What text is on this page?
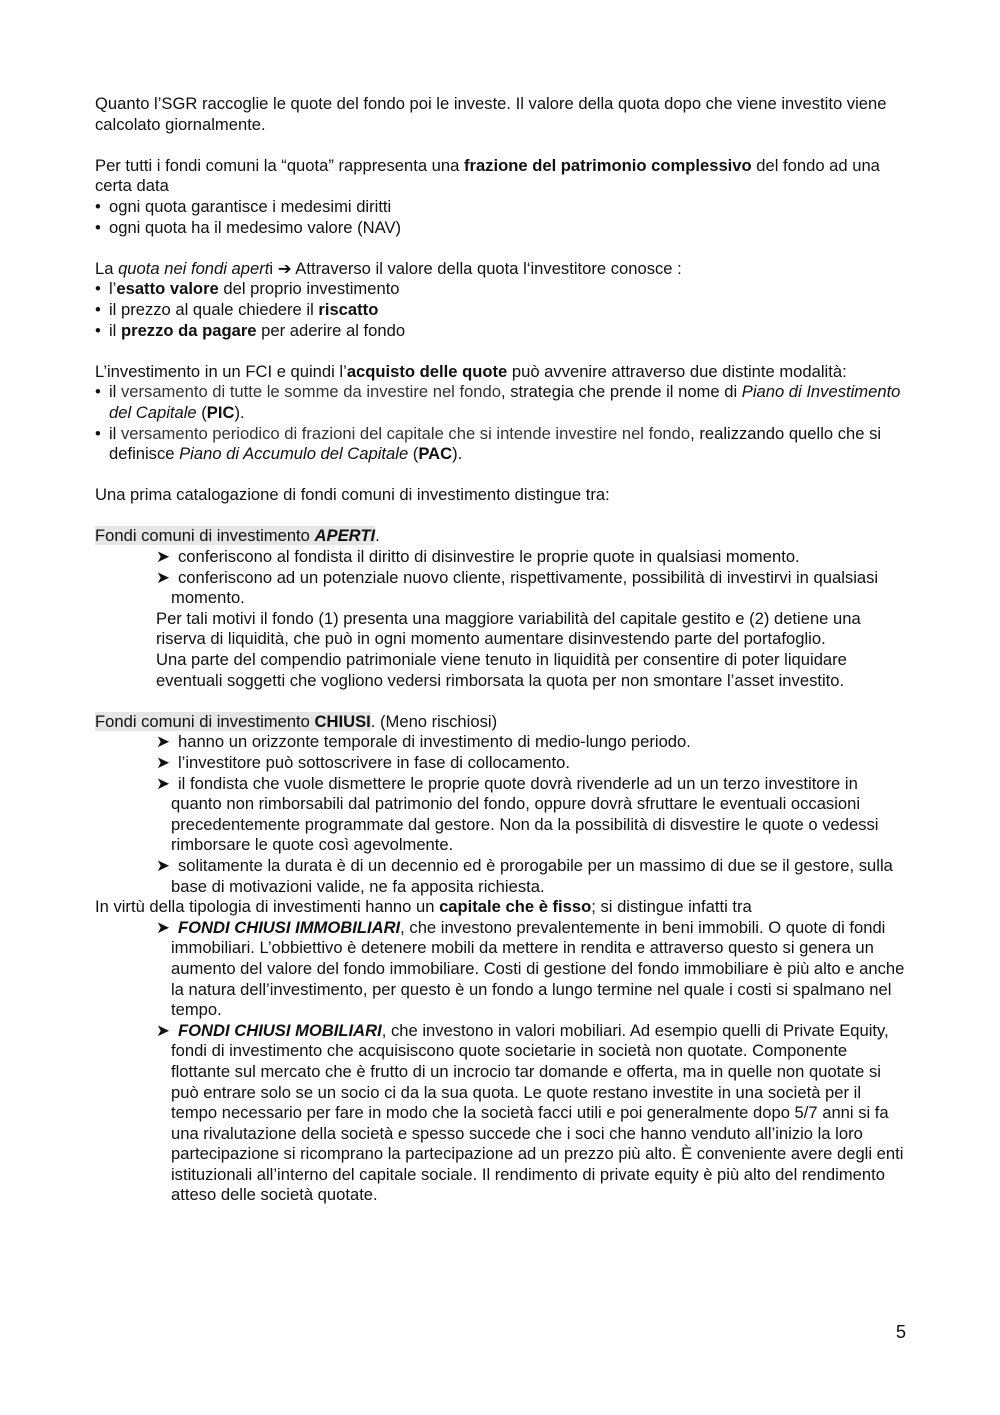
Quanto l’SGR raccoglie le quote del fondo poi le investe. Il valore della quota dopo che viene investito viene calcolato giornalmente.

Per tutti i fondi comuni la “quota” rappresenta una frazione del patrimonio complessivo del fondo ad una certa data

• ogni quota garantisce i medesimi diritti
• ogni quota ha il medesimo valore (NAV)

La quota nei fondi aperti ➔ Attraverso il valore della quota l‘investitore conosce :

• l’esatto valore del proprio investimento
• il prezzo al quale chiedere il riscatto
• il prezzo da pagare per aderire al fondo

L’investimento in un FCI e quindi l’acquisto delle quote può avvenire attraverso due distinte modalità:

• il versamento di tutte le somme da investire nel fondo, strategia che prende il nome di Piano di Investimento del Capitale (PIC).
• il versamento periodico di frazioni del capitale che si intende investire nel fondo, realizzando quello che si definisce Piano di Accumulo del Capitale (PAC).

Una prima catalogazione di fondi comuni di investimento distingue tra:

Fondi comuni di investimento APERTI.

➤ conferiscono al fondista il diritto di disinvestire le proprie quote in qualsiasi momento.
➤ conferiscono ad un potenziale nuovo cliente, rispettivamente, possibilità di investirvi in qualsiasi momento.

Per tali motivi il fondo (1) presenta una maggiore variabilità del capitale gestito e (2) detiene una riserva di liquidità, che può in ogni momento aumentare disinvestendo parte del portafoglio.

Una parte del compendio patrimoniale viene tenuto in liquidità per consentire di poter liquidare eventuali soggetti che vogliono vedersi rimborsata la quota per non smontare l’asset investito.

Fondi comuni di investimento CHIUSI. (Meno rischiosi)

➤ hanno un orizzonte temporale di investimento di medio-lungo periodo.
➤ l’investitore può sottoscrivere in fase di collocamento.
➤ il fondista che vuole dismettere le proprie quote dovrà rivenderle ad un un terzo investitore in quanto non rimborsabili dal patrimonio del fondo, oppure dovrà sfruttare le eventuali occasioni precedentemente programmate dal gestore. Non da la possibilità di disvestire le quote o vedessi rimborsare le quote così agevolmente.
➤ solitamente la durata è di un decennio ed è prorogabile per un massimo di due se il gestore, sulla base di motivazioni valide, ne fa apposita richiesta.

In virtù della tipologia di investimenti hanno un capitale che è fisso; si distingue infatti tra

➤ FONDI CHIUSI IMMOBILIARI, che investono prevalentemente in beni immobili. O quote di fondi immobiliari. L’obbiettivo è detenere mobili da mettere in rendita e attraverso questo si genera un aumento del valore del fondo immobiliare. Costi di gestione del fondo immobiliare è più alto e anche la natura dell’investimento, per questo è un fondo a lungo termine nel quale i costi si spalmano nel tempo.
➤ FONDI CHIUSI MOBILIARI, che investono in valori mobiliari. Ad esempio quelli di Private Equity, fondi di investimento che acquisiscono quote societarie in società non quotate. Componente flottante sul mercato che è frutto di un incrocio tar domande e offerta, ma in quelle non quotate si può entrare solo se un socio ci da la sua quota. Le quote restano investite in una società per il tempo necessario per fare in modo che la società facci utili e poi generalmente dopo 5/7 anni si fa una rivalutazione della società e spesso succede che i soci che hanno venduto all’inizio la loro partecipazione si ricomprano la partecipazione ad un prezzo più alto. È conveniente avere degli enti istituzionali all’interno del capitale sociale. Il rendimento di private equity è più alto del rendimento atteso delle società quotate.
5
